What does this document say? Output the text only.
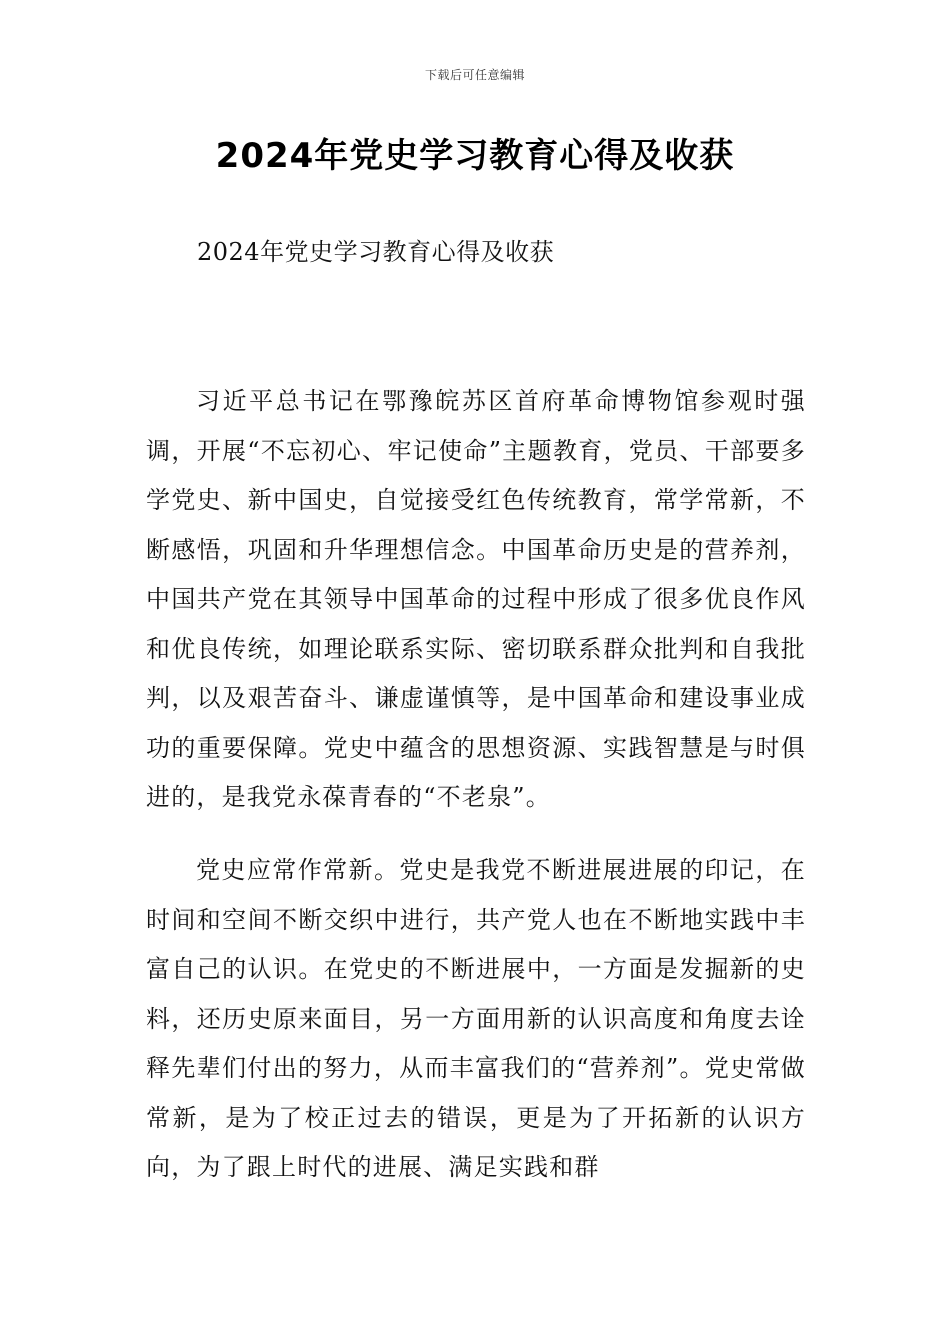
下载后可任意编辑
2024年党史学习教育心得及收获
2024年党史学习教育心得及收获

习近平总书记在鄂豫皖苏区首府革命博物馆参观时强调，开展“不忘初心、牢记使命”主题教育，党员、干部要多学党史、新中国史，自觉接受红色传统教育，常学常新，不断感悟，巩固和升华理想信念。中国革命历史是的营养剂，中国共产党在其领导中国革命的过程中形成了很多优良作风和优良传统，如理论联系实际、密切联系群众批判和自我批判，以及艰苦奋斗、谦虚谨慎等，是中国革命和建设事业成功的重要保障。党史中蕴含的思想资源、实践智慧是与时俱进的，是我党永葆青春的“不老泉”。

党史应常作常新。党史是我党不断进展进展的印记，在时间和空间不断交织中进行，共产党人也在不断地实践中丰富自己的认识。在党史的不断进展中，一方面是发掘新的史料，还历史原来面目，另一方面用新的认识高度和角度去诠释先辈们付出的努力，从而丰富我们的“营养剂”。党史常做常新，是为了校正过去的错误，更是为了开拓新的认识方向，为了跟上时代的进展、满足实践和群
